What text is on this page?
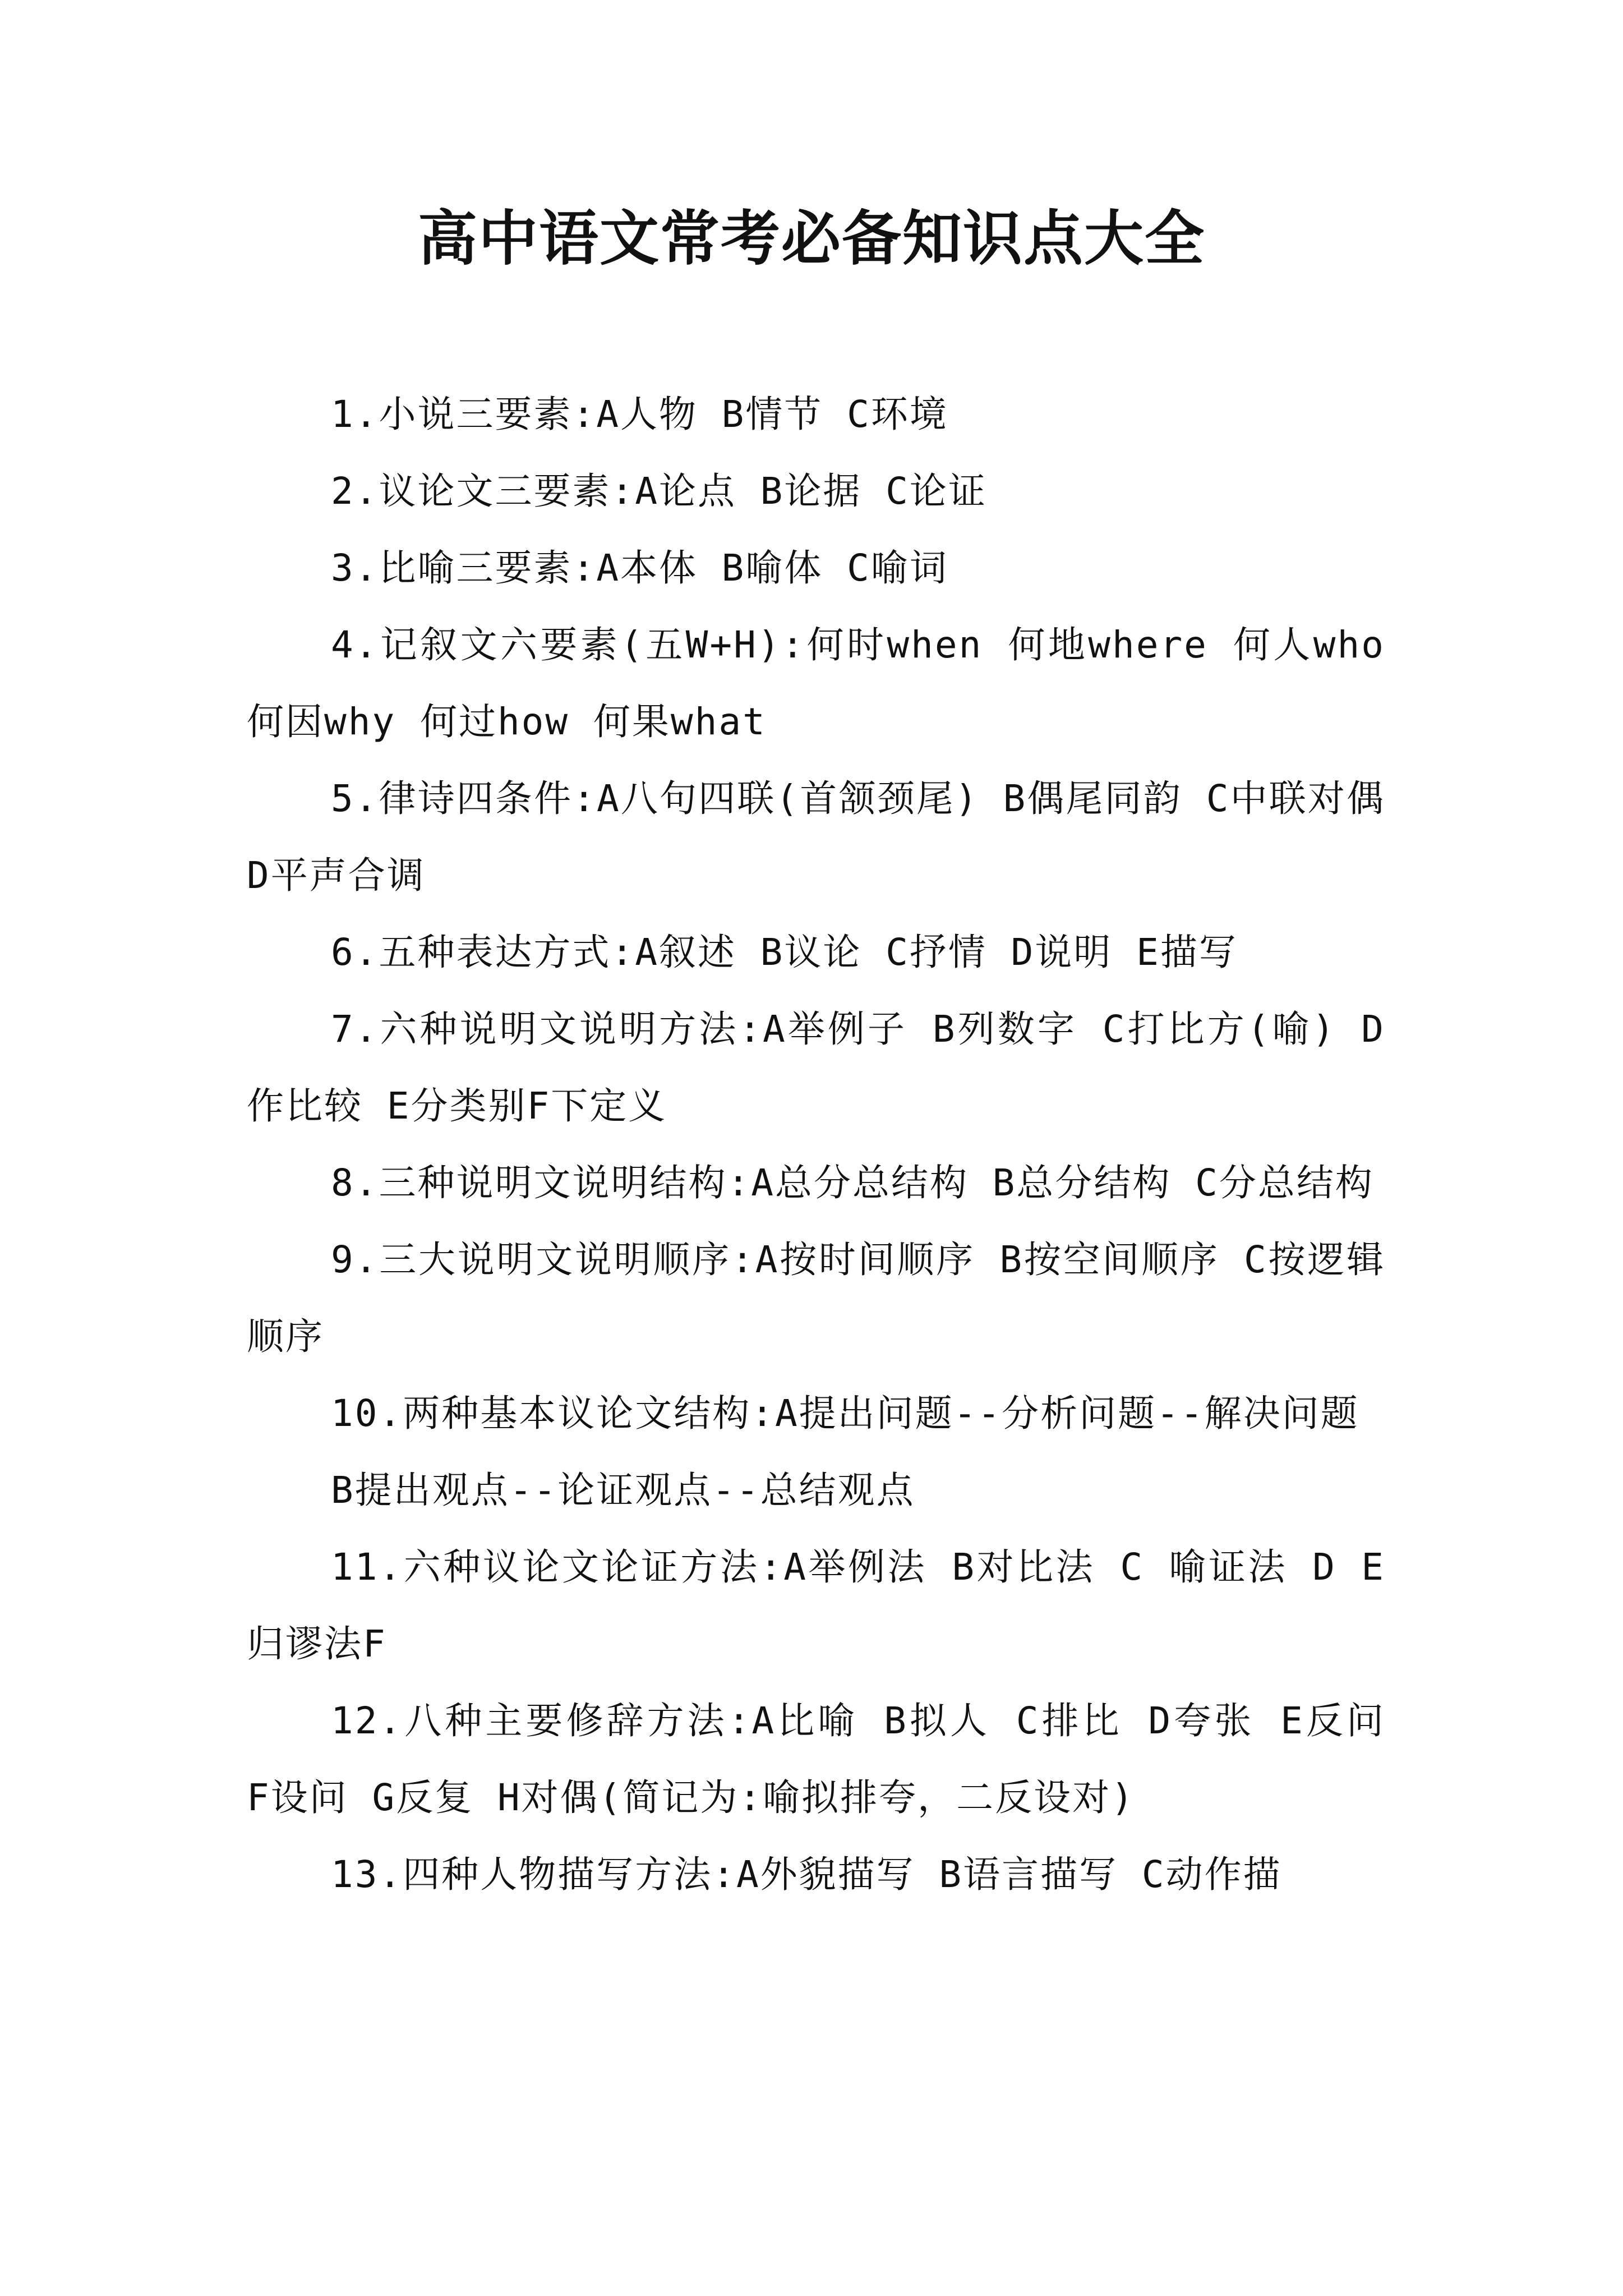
高中语文常考必备知识点大全

1.小说三要素:A人物 B情节 C环境

2.议论文三要素:A论点 B论据 C论证

3.比喻三要素:A本体 B喻体 C喻词

4.记叙文六要素(五W+H):何时when 何地where 何人who 何因why 何过how 何果what

5.律诗四条件:A八句四联(首颔颈尾) B偶尾同韵 C中联对偶 D平声合调

6.五种表达方式:A叙述 B议论 C抒情 D说明 E描写

7.六种说明文说明方法:A举例子 B列数字 C打比方(喻) D作比较 E分类别F下定义

8.三种说明文说明结构:A总分总结构 B总分结构 C分总结构

9.三大说明文说明顺序:A按时间顺序 B按空间顺序 C按逻辑顺序

10.两种基本议论文结构:A提出问题--分析问题--解决问题

B提出观点--论证观点--总结观点

11.六种议论文论证方法:A举例法 B对比法 C 喻证法 D E归谬法F

12.八种主要修辞方法:A比喻 B拟人 C排比 D夸张 E反问 F设问 G反复 H对偶(简记为:喻拟排夸，二反设对)

13.四种人物描写方法:A外貌描写 B语言描写 C动作描
